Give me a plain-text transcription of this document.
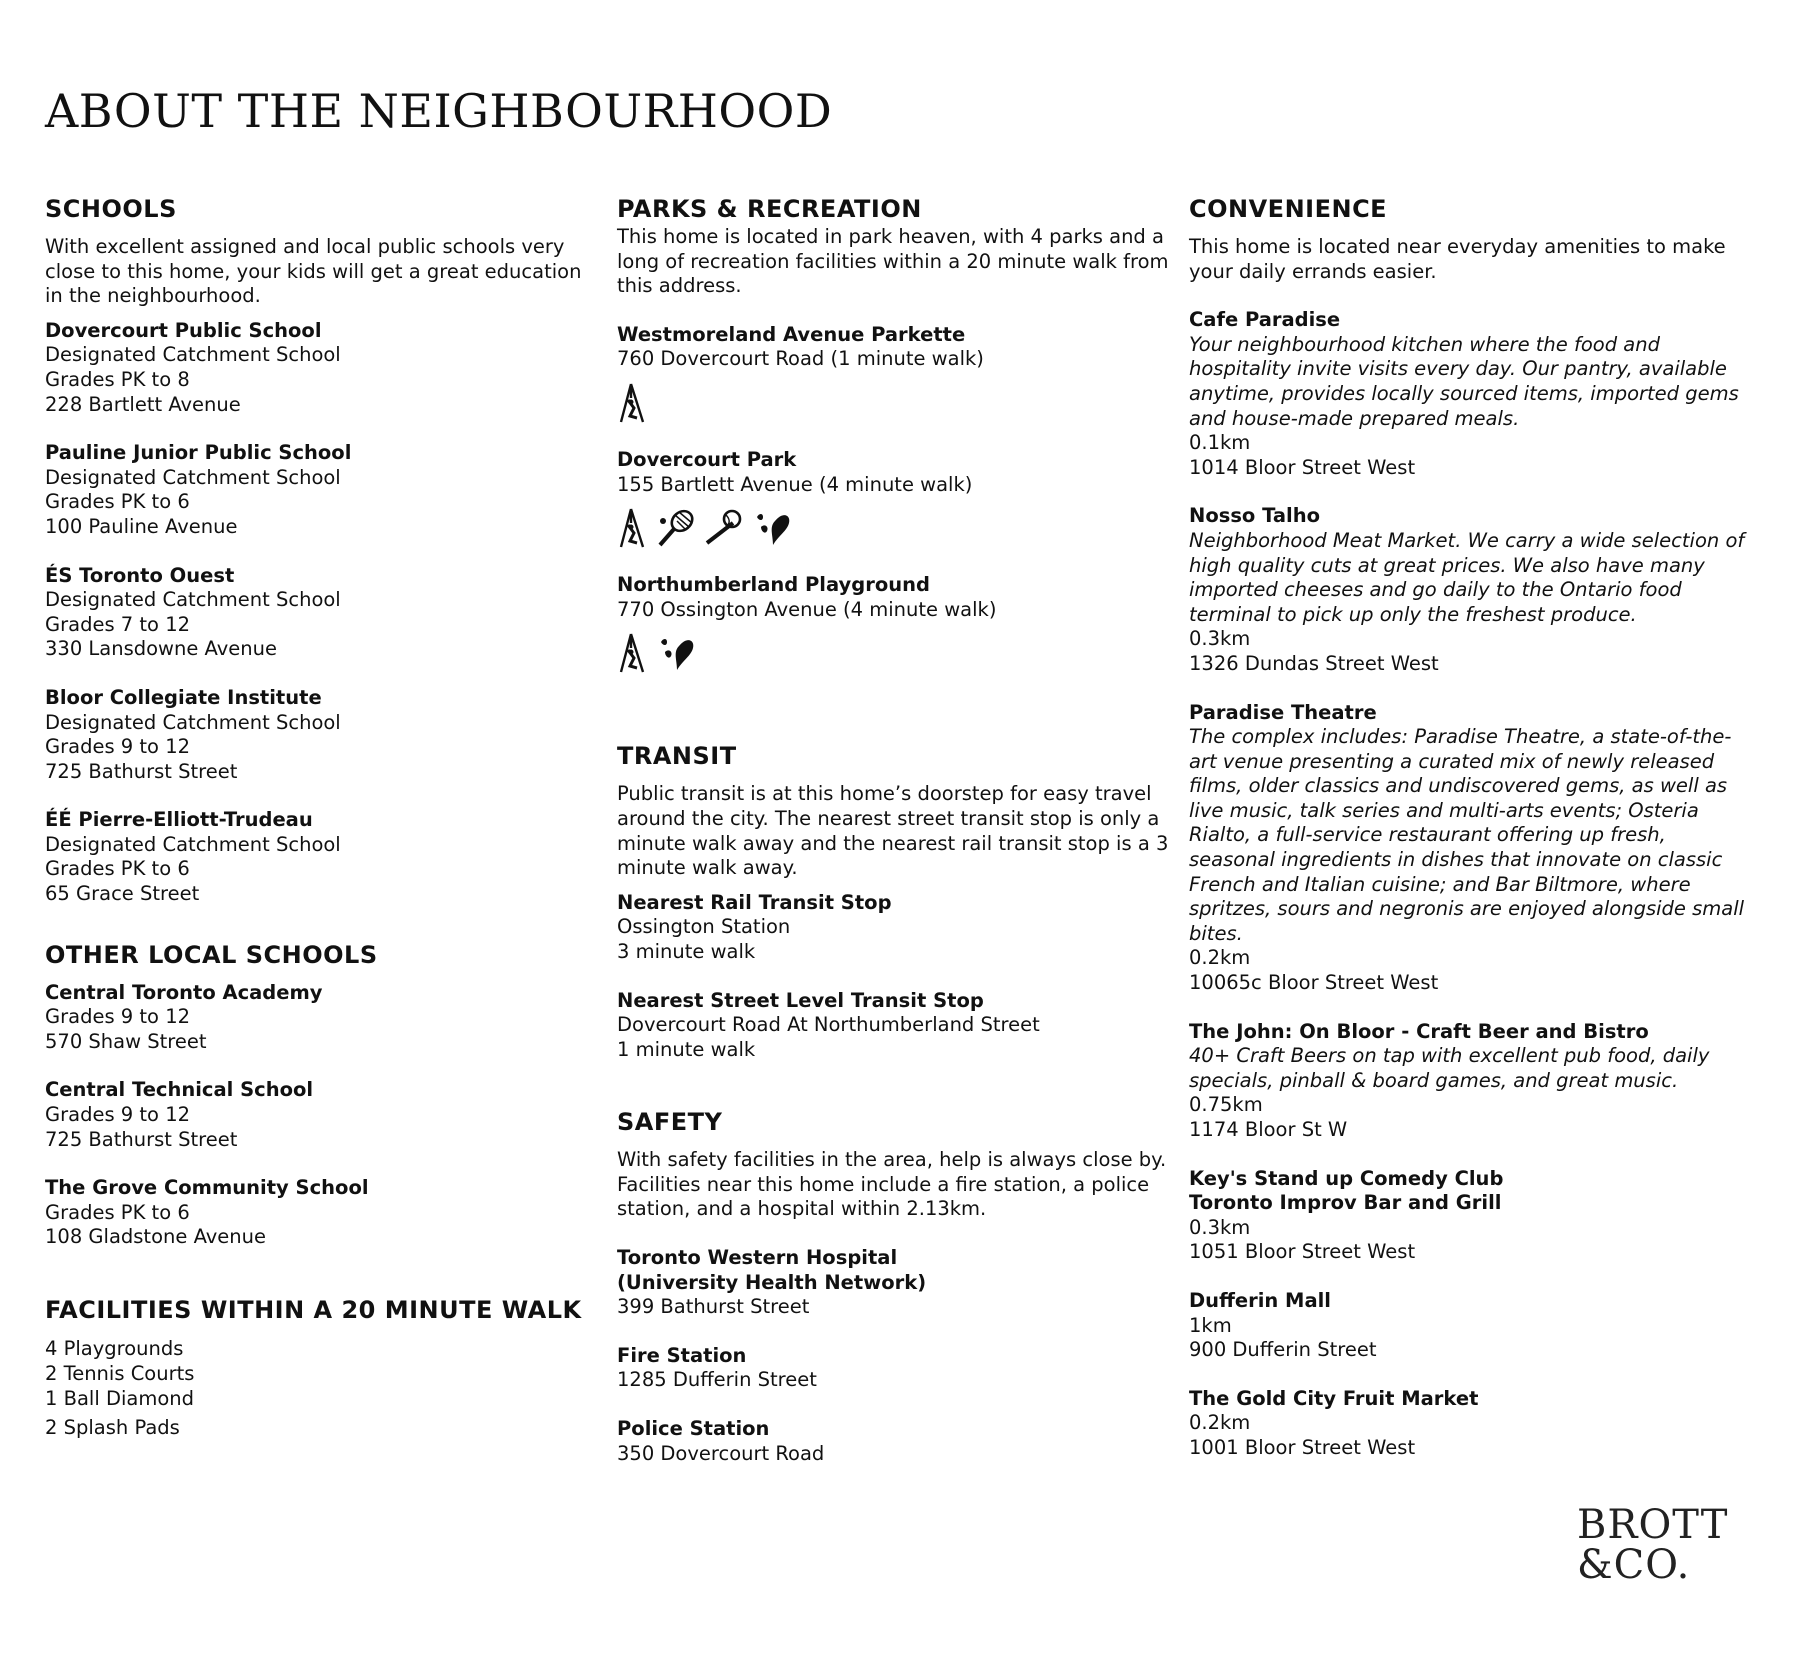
ABOUT THE NEIGHBOURHOOD
SCHOOLS

With excellent assigned and local public schools very close to this home, your kids will get a great education in the neighbourhood.

Dovercourt Public School
Designated Catchment School
Grades PK to 8
228 Bartlett Avenue
Pauline Junior Public School
Designated Catchment School
Grades PK to 6
100 Pauline Avenue
ÉS Toronto Ouest
Designated Catchment School
Grades 7 to 12
330 Lansdowne Avenue
Bloor Collegiate Institute
Designated Catchment School
Grades 9 to 12
725 Bathurst Street
ÉÉ Pierre-Elliott-Trudeau
Designated Catchment School
Grades PK to 6
65 Grace Street
OTHER LOCAL SCHOOLS
Central Toronto Academy
Grades 9 to 12
570 Shaw Street
Central Technical School
Grades 9 to 12
725 Bathurst Street
The Grove Community School
Grades PK to 6
108 Gladstone Avenue
FACILITIES WITHIN A 20 MINUTE WALK
4 Playgrounds
2 Tennis Courts
1 Ball Diamond
2 Splash Pads
PARKS & RECREATION

This home is located in park heaven, with 4 parks and a long of recreation facilities within a 20 minute walk from this address.

Westmoreland Avenue Parkette
760 Dovercourt Road (1 minute walk)
Dovercourt Park
155 Bartlett Avenue (4 minute walk)
Northumberland Playground
770 Ossington Avenue (4 minute walk)
TRANSIT

Public transit is at this home’s doorstep for easy travel around the city. The nearest street transit stop is only a minute walk away and the nearest rail transit stop is a 3 minute walk away.

Nearest Rail Transit Stop
Ossington Station
3 minute walk
Nearest Street Level Transit Stop
Dovercourt Road At Northumberland Street
1 minute walk
SAFETY

With safety facilities in the area, help is always close by. Facilities near this home include a fire station, a police station, and a hospital within 2.13km.

Toronto Western Hospital
(University Health Network)
399 Bathurst Street
Fire Station
1285 Dufferin Street
Police Station
350 Dovercourt Road
CONVENIENCE

This home is located near everyday amenities to make your daily errands easier.

Cafe Paradise
Your neighbourhood kitchen where the food and hospitality invite visits every day. Our pantry, available anytime, provides locally sourced items, imported gems and house-made prepared meals.
0.1km
1014 Bloor Street West
Nosso Talho
Neighborhood Meat Market. We carry a wide selection of high quality cuts at great prices. We also have many imported cheeses and go daily to the Ontario food terminal to pick up only the freshest produce.
0.3km
1326 Dundas Street West
Paradise Theatre
The complex includes: Paradise Theatre, a state-of-the-art venue presenting a curated mix of newly released films, older classics and undiscovered gems, as well as live music, talk series and multi-arts events; Osteria Rialto, a full-service restaurant offering up fresh, seasonal ingredients in dishes that innovate on classic French and Italian cuisine; and Bar Biltmore, where spritzes, sours and negronis are enjoyed alongside small bites.
0.2km
10065c Bloor Street West
The John: On Bloor - Craft Beer and Bistro
40+ Craft Beers on tap with excellent pub food, daily specials, pinball & board games, and great music.
0.75km
1174 Bloor St W
Key's Stand up Comedy Club
Toronto Improv Bar and Grill
0.3km
1051 Bloor Street West
Dufferin Mall
1km
900 Dufferin Street
The Gold City Fruit Market
0.2km
1001 Bloor Street West
BROTT
&CO.
